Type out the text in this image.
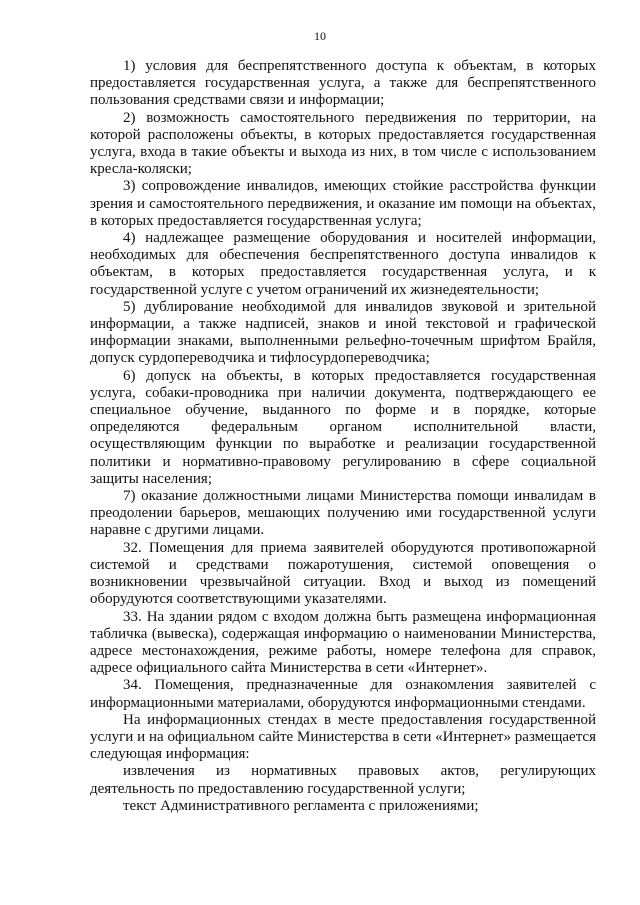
10

1) условия для беспрепятственного доступа к объектам, в которых предоставляется государственная услуга, а также для беспрепятственного пользования средствами связи и информации;

2) возможность самостоятельного передвижения по территории, на которой расположены объекты, в которых предоставляется государственная услуга, входа в такие объекты и выхода из них, в том числе с использованием кресла-коляски;

3) сопровождение инвалидов, имеющих стойкие расстройства функции зрения и самостоятельного передвижения, и оказание им помощи на объектах, в которых предоставляется государственная услуга;

4) надлежащее размещение оборудования и носителей информации, необходимых для обеспечения беспрепятственного доступа инвалидов к объектам, в которых предоставляется государственная услуга, и к государственной услуге с учетом ограничений их жизнедеятельности;

5) дублирование необходимой для инвалидов звуковой и зрительной информации, а также надписей, знаков и иной текстовой и графической информации знаками, выполненными рельефно-точечным шрифтом Брайля, допуск сурдопереводчика и тифлосурдопереводчика;

6) допуск на объекты, в которых предоставляется государственная услуга, собаки-проводника при наличии документа, подтверждающего ее специальное обучение, выданного по форме и в порядке, которые определяются федеральным органом исполнительной власти, осуществляющим функции по выработке и реализации государственной политики и нормативно-правовому регулированию в сфере социальной защиты населения;

7) оказание должностными лицами Министерства помощи инвалидам в преодолении барьеров, мешающих получению ими государственной услуги наравне с другими лицами.

32. Помещения для приема заявителей оборудуются противопожарной системой и средствами пожаротушения, системой оповещения о возникновении чрезвычайной ситуации. Вход и выход из помещений оборудуются соответствующими указателями.

33. На здании рядом с входом должна быть размещена информационная табличка (вывеска), содержащая информацию о наименовании Министерства, адресе местонахождения, режиме работы, номере телефона для справок, адресе официального сайта Министерства в сети «Интернет».

34. Помещения, предназначенные для ознакомления заявителей с информационными материалами, оборудуются информационными стендами.

На информационных стендах в месте предоставления государственной услуги и на официальном сайте Министерства в сети «Интернет» размещается следующая информация:

извлечения из нормативных правовых актов, регулирующих деятельность по предоставлению государственной услуги;

текст Административного регламента с приложениями;
